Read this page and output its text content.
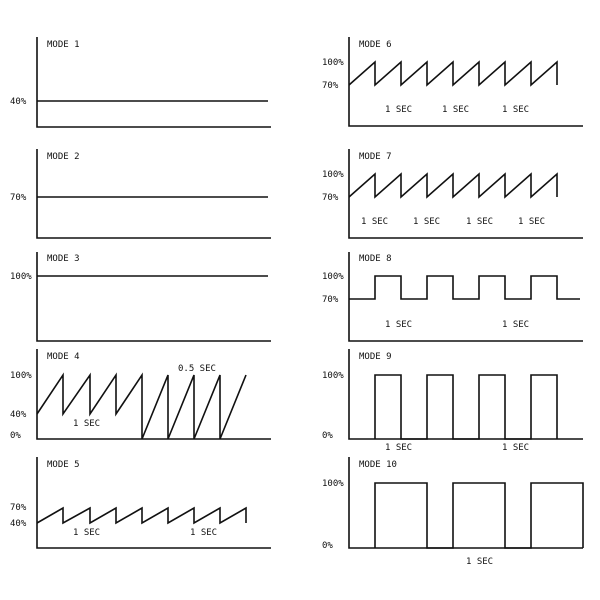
MODE 1
40%
MODE 2
70%
MODE 3
100%
MODE 4
100%
40%
0%
1 SEC
0.5 SEC
MODE 5
70%
40%
1 SEC	1 SEC
MODE 6
100%
70%
1 SEC	1 SEC	1 SEC
MODE 7
100%
70%
1 SEC	1 SEC	1 SEC	1 SEC
MODE 8
100%
70%
1 SEC	1 SEC
MODE 9
100%
0%
1 SEC	1 SEC
MODE 10
100%
0%
1 SEC
